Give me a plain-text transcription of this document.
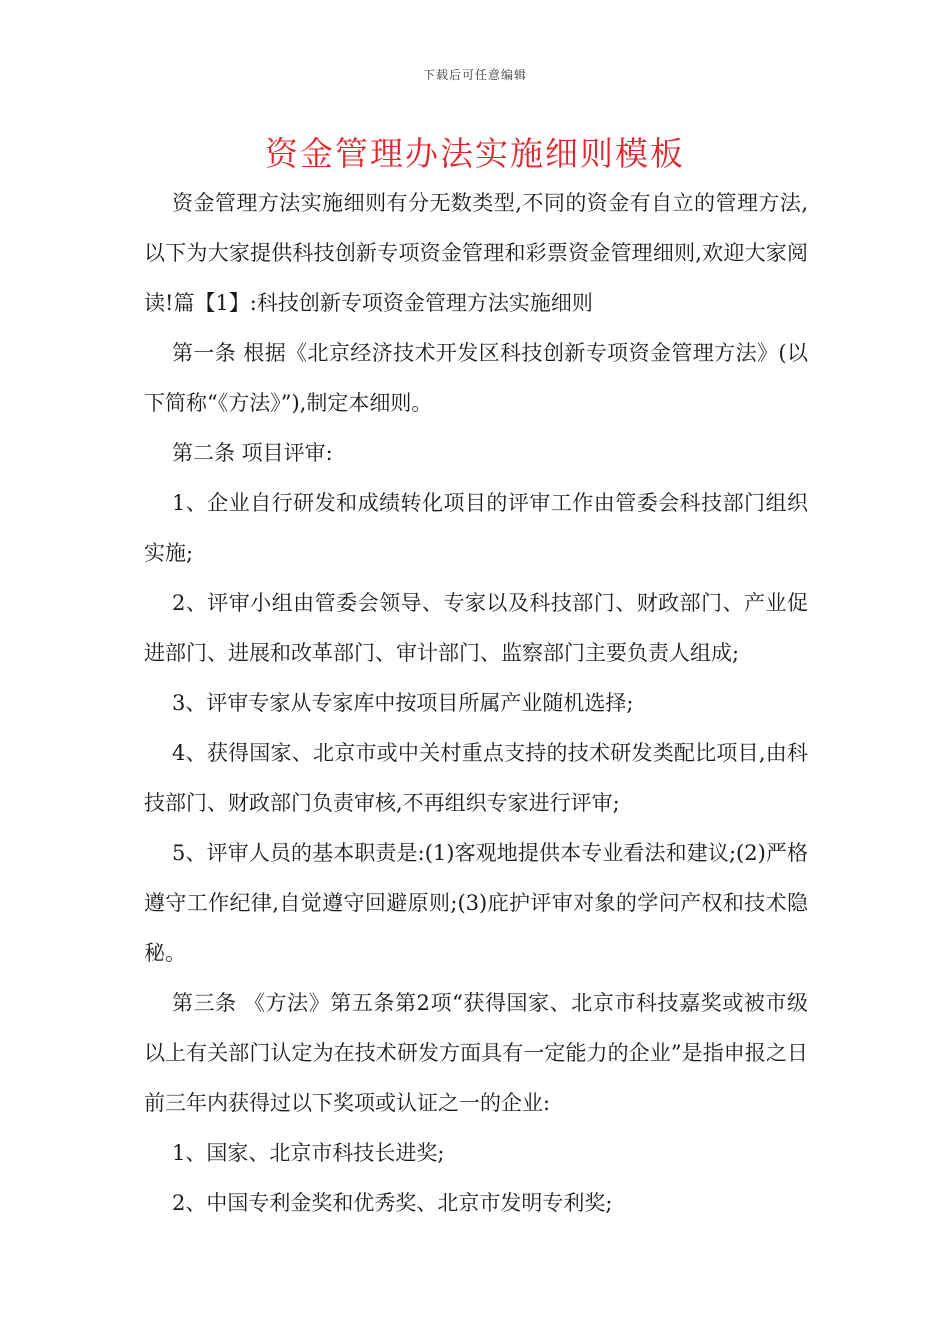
下载后可任意编辑
资金管理办法实施细则模板

资金管理方法实施细则有分无数类型,不同的资金有自立的管理方法,以下为大家提供科技创新专项资金管理和彩票资金管理细则,欢迎大家阅读!篇【1】:科技创新专项资金管理方法实施细则

第一条 根据《北京经济技术开发区科技创新专项资金管理方法》(以下简称“《方法》”),制定本细则。

第二条 项目评审:

1、企业自行研发和成绩转化项目的评审工作由管委会科技部门组织实施;

2、评审小组由管委会领导、专家以及科技部门、财政部门、产业促进部门、进展和改革部门、审计部门、监察部门主要负责人组成;

3、评审专家从专家库中按项目所属产业随机选择;

4、获得国家、北京市或中关村重点支持的技术研发类配比项目,由科技部门、财政部门负责审核,不再组织专家进行评审;

5、评审人员的基本职责是:(1)客观地提供本专业看法和建议;(2)严格遵守工作纪律,自觉遵守回避原则;(3)庇护评审对象的学问产权和技术隐秘。

第三条 《方法》第五条第2项“获得国家、北京市科技嘉奖或被市级以上有关部门认定为在技术研发方面具有一定能力的企业”是指申报之日前三年内获得过以下奖项或认证之一的企业:

1、国家、北京市科技长进奖;

2、中国专利金奖和优秀奖、北京市发明专利奖;
